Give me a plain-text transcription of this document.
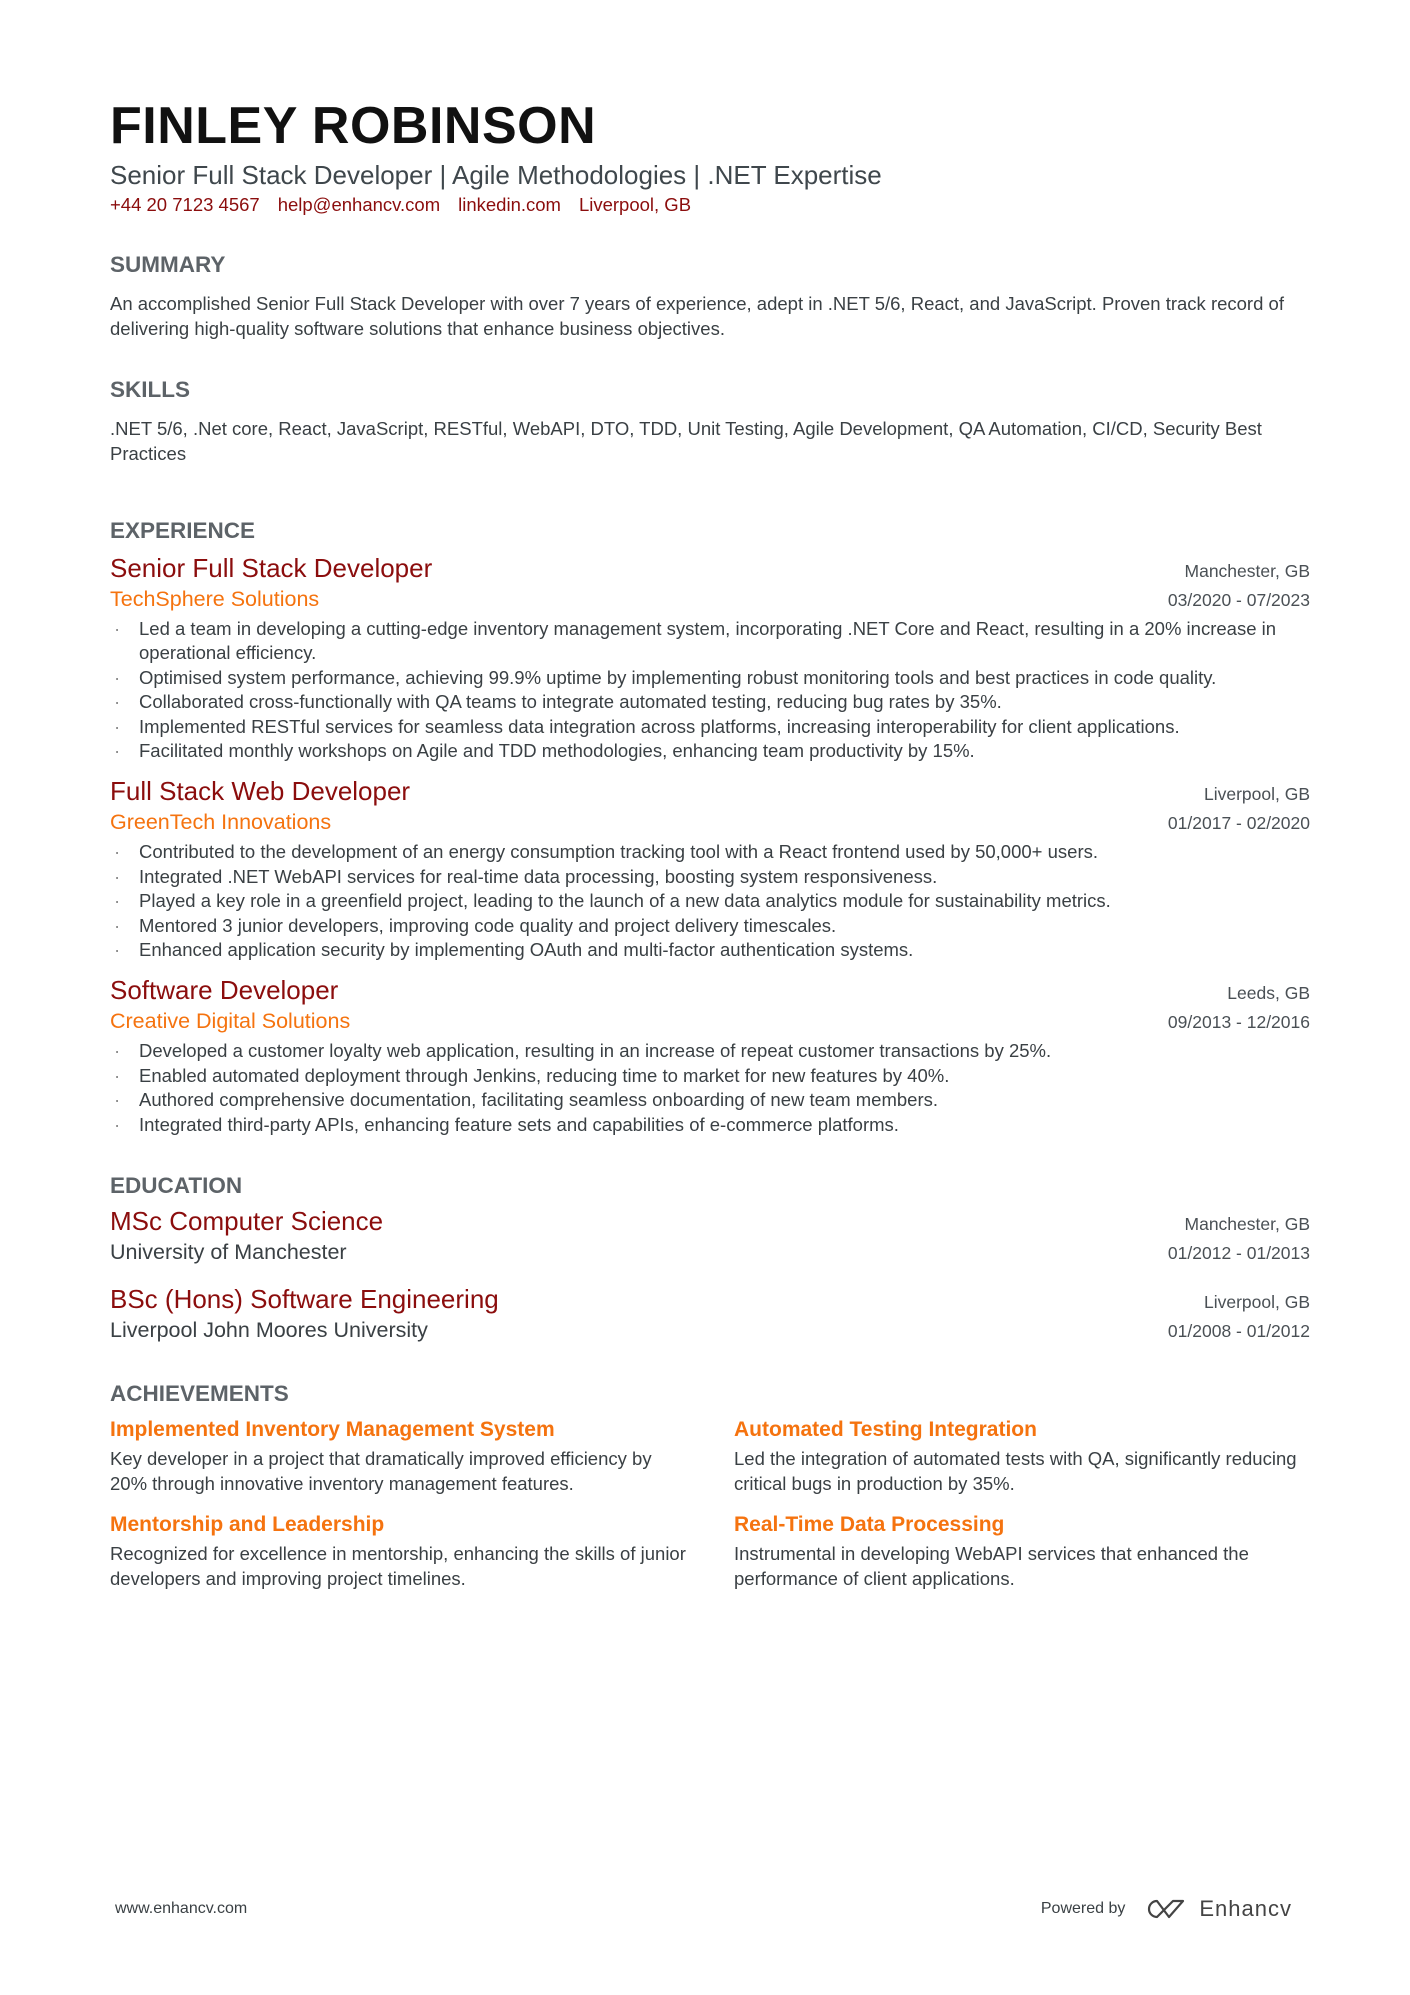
FINLEY ROBINSON
Senior Full Stack Developer | Agile Methodologies | .NET Expertise
+44 20 7123 4567 help@enhancv.com linkedin.com Liverpool, GB
SUMMARY
An accomplished Senior Full Stack Developer with over 7 years of experience, adept in .NET 5/6, React, and JavaScript. Proven track record of delivering high-quality software solutions that enhance business objectives.
SKILLS
.NET 5/6, .Net core, React, JavaScript, RESTful, WebAPI, DTO, TDD, Unit Testing, Agile Development, QA Automation, CI/CD, Security Best Practices
EXPERIENCE
Senior Full Stack Developer	Manchester, GB
TechSphere Solutions	03/2020 - 07/2023
· Led a team in developing a cutting-edge inventory management system, incorporating .NET Core and React, resulting in a 20% increase in operational efficiency.
· Optimised system performance, achieving 99.9% uptime by implementing robust monitoring tools and best practices in code quality.
· Collaborated cross-functionally with QA teams to integrate automated testing, reducing bug rates by 35%.
· Implemented RESTful services for seamless data integration across platforms, increasing interoperability for client applications.
· Facilitated monthly workshops on Agile and TDD methodologies, enhancing team productivity by 15%.
Full Stack Web Developer	Liverpool, GB
GreenTech Innovations	01/2017 - 02/2020
· Contributed to the development of an energy consumption tracking tool with a React frontend used by 50,000+ users.
· Integrated .NET WebAPI services for real-time data processing, boosting system responsiveness.
· Played a key role in a greenfield project, leading to the launch of a new data analytics module for sustainability metrics.
· Mentored 3 junior developers, improving code quality and project delivery timescales.
· Enhanced application security by implementing OAuth and multi-factor authentication systems.
Software Developer	Leeds, GB
Creative Digital Solutions	09/2013 - 12/2016
· Developed a customer loyalty web application, resulting in an increase of repeat customer transactions by 25%.
· Enabled automated deployment through Jenkins, reducing time to market for new features by 40%.
· Authored comprehensive documentation, facilitating seamless onboarding of new team members.
· Integrated third-party APIs, enhancing feature sets and capabilities of e-commerce platforms.
EDUCATION
MSc Computer Science	Manchester, GB
University of Manchester	01/2012 - 01/2013
BSc (Hons) Software Engineering	Liverpool, GB
Liverpool John Moores University	01/2008 - 01/2012
ACHIEVEMENTS
Implemented Inventory Management System
Key developer in a project that dramatically improved efficiency by 20% through innovative inventory management features.
Automated Testing Integration
Led the integration of automated tests with QA, significantly reducing critical bugs in production by 35%.
Mentorship and Leadership
Recognized for excellence in mentorship, enhancing the skills of junior developers and improving project timelines.
Real-Time Data Processing
Instrumental in developing WebAPI services that enhanced the performance of client applications.
www.enhancv.com	Powered by	Enhancv
